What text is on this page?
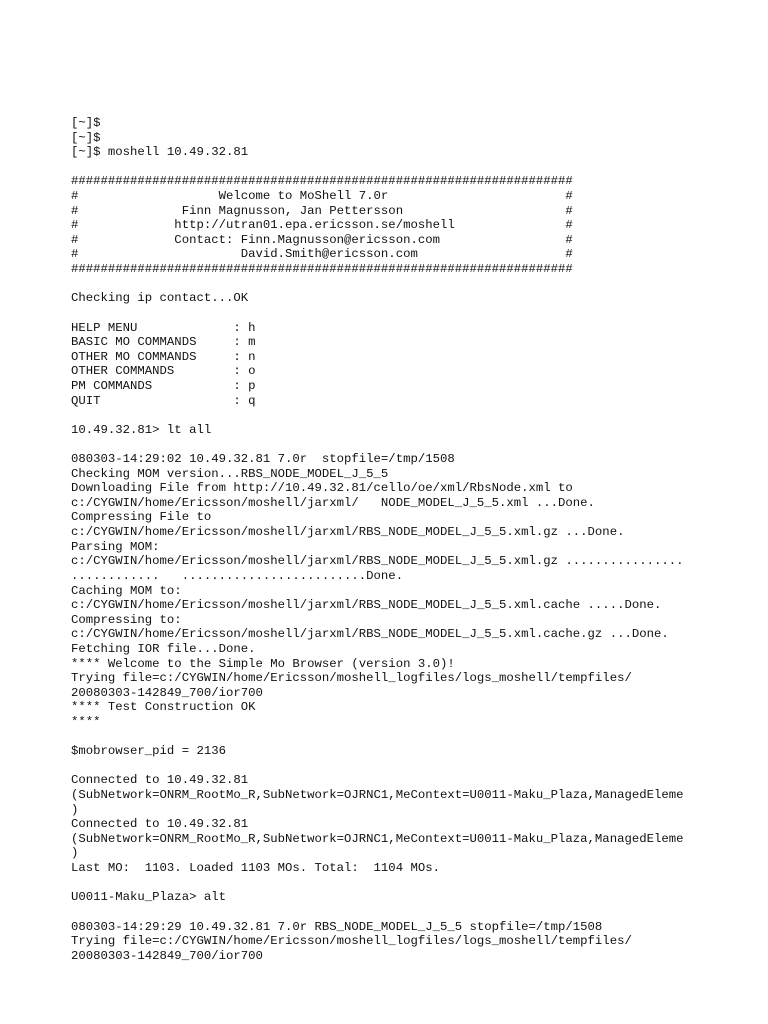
[~]$
[~]$
[~]$ moshell 10.49.32.81
####################################################################
#                   Welcome to MoShell 7.0r                        #
#              Finn Magnusson, Jan Pettersson                      #
#             http://utran01.epa.ericsson.se/moshell               #
#             Contact: Finn.Magnusson@ericsson.com                 #
#                      David.Smith@ericsson.com                    #
####################################################################
Checking ip contact...OK
HELP MENU             : h
BASIC MO COMMANDS     : m
OTHER MO COMMANDS     : n
OTHER COMMANDS        : o
PM COMMANDS           : p
QUIT                  : q
10.49.32.81> lt all
080303-14:29:02 10.49.32.81 7.0r  stopfile=/tmp/1508
Checking MOM version...RBS_NODE_MODEL_J_5_5
Downloading File from http://10.49.32.81/cello/oe/xml/RbsNode.xml to
c:/CYGWIN/home/Ericsson/moshell/jarxml/   NODE_MODEL_J_5_5.xml ...Done.
Compressing File to
c:/CYGWIN/home/Ericsson/moshell/jarxml/RBS_NODE_MODEL_J_5_5.xml.gz ...Done.
Parsing MOM:
c:/CYGWIN/home/Ericsson/moshell/jarxml/RBS_NODE_MODEL_J_5_5.xml.gz ................
............   .........................Done.
Caching MOM to:
c:/CYGWIN/home/Ericsson/moshell/jarxml/RBS_NODE_MODEL_J_5_5.xml.cache .....Done.
Compressing to:
c:/CYGWIN/home/Ericsson/moshell/jarxml/RBS_NODE_MODEL_J_5_5.xml.cache.gz ...Done.
Fetching IOR file...Done.
**** Welcome to the Simple Mo Browser (version 3.0)!
Trying file=c:/CYGWIN/home/Ericsson/moshell_logfiles/logs_moshell/tempfiles/
20080303-142849_700/ior700
**** Test Construction OK
****
$mobrowser_pid = 2136
Connected to 10.49.32.81
(SubNetwork=ONRM_RootMo_R,SubNetwork=OJRNC1,MeContext=U0011-Maku_Plaza,ManagedEleme
)
Connected to 10.49.32.81
(SubNetwork=ONRM_RootMo_R,SubNetwork=OJRNC1,MeContext=U0011-Maku_Plaza,ManagedEleme
)
Last MO:  1103. Loaded 1103 MOs. Total:  1104 MOs.
U0011-Maku_Plaza> alt
080303-14:29:29 10.49.32.81 7.0r RBS_NODE_MODEL_J_5_5 stopfile=/tmp/1508
Trying file=c:/CYGWIN/home/Ericsson/moshell_logfiles/logs_moshell/tempfiles/
20080303-142849_700/ior700
